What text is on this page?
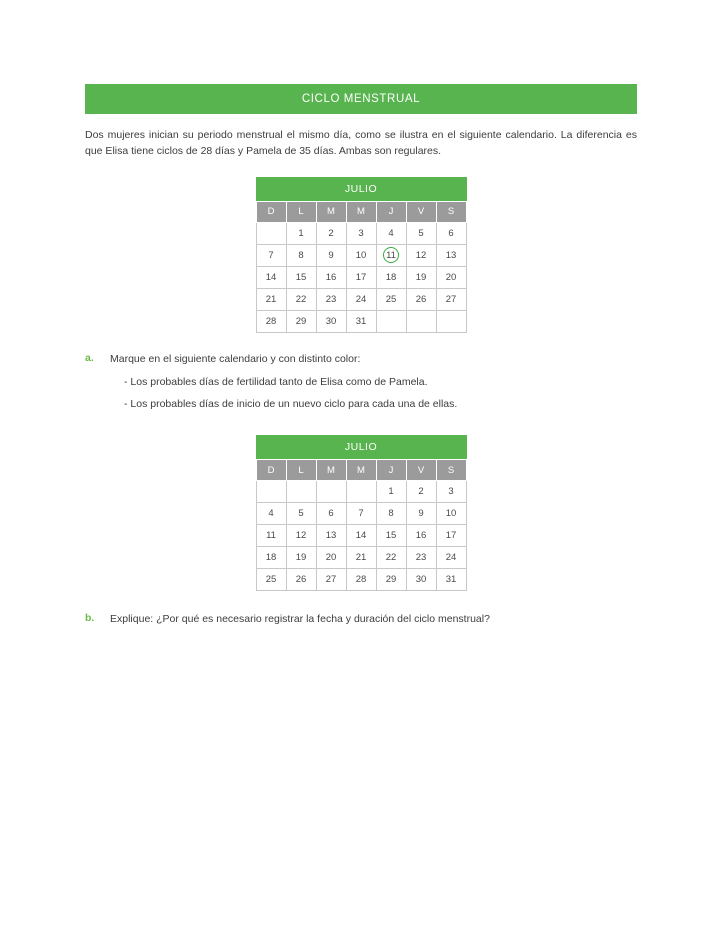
CICLO MENSTRUAL
Dos mujeres inician su periodo menstrual el mismo día, como se ilustra en el siguiente calendario. La diferencia es que Elisa tiene ciclos de 28 días y Pamela de 35 días. Ambas son regulares.
JULIO
D	L	M	M	J	V	S
	1	2	3	4	5	6
7	8	9	10	11	12	13
14	15	16	17	18	19	20
21	22	23	24	25	26	27
28	29	30	31			
a.	Marque en el siguiente calendario y con distinto color:
- Los probables días de fertilidad tanto de Elisa como de Pamela.
- Los probables días de inicio de un nuevo ciclo para cada una de ellas.
JULIO
D	L	M	M	J	V	S
				1	2	3
4	5	6	7	8	9	10
11	12	13	14	15	16	17
18	19	20	21	22	23	24
25	26	27	28	29	30	31
b.	Explique: ¿Por qué es necesario registrar la fecha y duración del ciclo menstrual?
